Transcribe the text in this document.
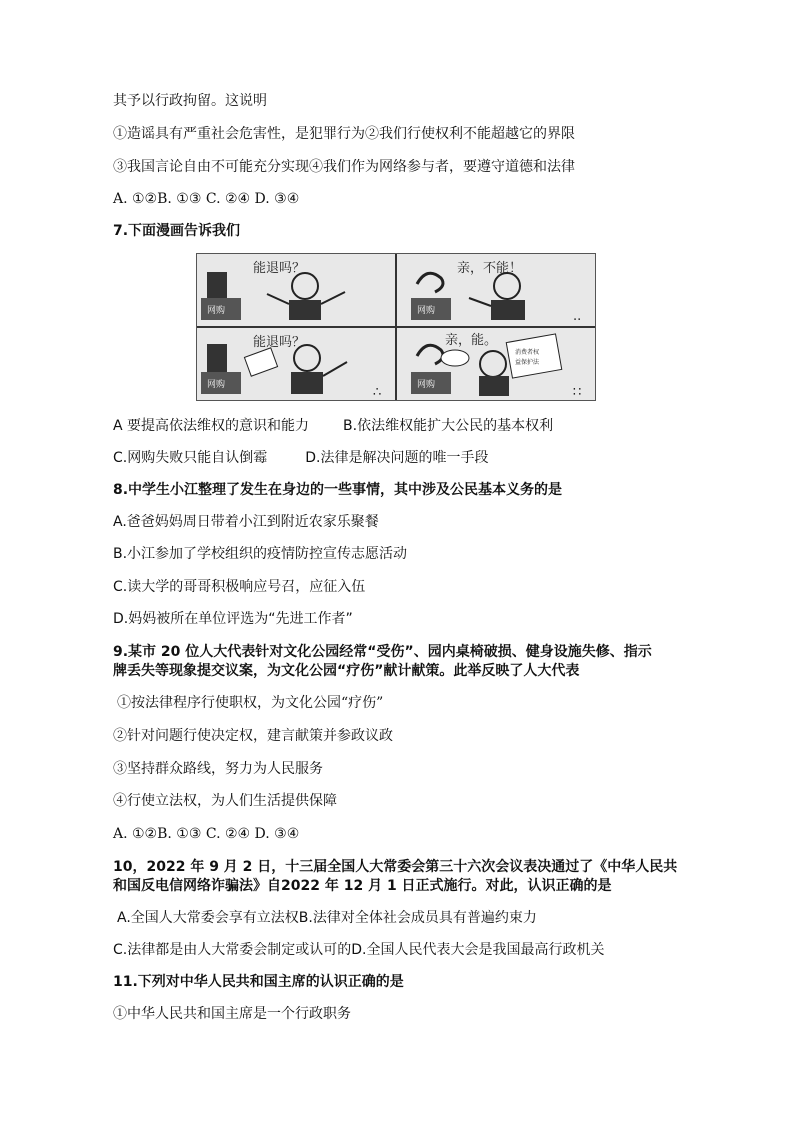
其予以行政拘留。这说明
①造谣具有严重社会危害性，是犯罪行为②我们行使权利不能超越它的界限
③我国言论自由不可能充分实现④我们作为网络参与者，要遵守道德和法律
A. ①②B. ①③ C. ②④ D. ③④
7.下面漫画告诉我们
网购
能退吗？
网购
亲，不能！
··
网购
能退吗？
∴	网购
消费者权
益保护法
亲，能。
∷
A 要提高依法维权的意识和能力 B.依法维权能扩大公民的基本权利
C.网购失败只能自认倒霉	D.法律是解决问题的唯一手段
8.中学生小江整理了发生在身边的一些事情，其中涉及公民基本义务的是
A.爸爸妈妈周日带着小江到附近农家乐聚餐
B.小江参加了学校组织的疫情防控宣传志愿活动
C.读大学的哥哥积极响应号召，应征入伍
D.妈妈被所在单位评选为“先进工作者”
9.某市 20 位人大代表针对文化公园经常“受伤”、园内桌椅破损、健身设施失修、指示
牌丢失等现象提交议案，为文化公园“疗伤”献计献策。此举反映了人大代表
①按法律程序行使职权，为文化公园“疗伤”
②针对问题行使决定权，建言献策并参政议政
③坚持群众路线，努力为人民服务
④行使立法权，为人们生活提供保障
A. ①②B. ①③ C. ②④ D. ③④
10，2022 年 9 月 2 日，十三届全国人大常委会第三十六次会议表决通过了《中华人民共
和国反电信网络诈骗法》自2022 年 12 月 1 日正式施行。对此，认识正确的是
A.全国人大常委会享有立法权B.法律对全体社会成员具有普遍约束力
C.法律都是由人大常委会制定或认可的D.全国人民代表大会是我国最高行政机关
11.下列对中华人民共和国主席的认识正确的是
①中华人民共和国主席是一个行政职务
